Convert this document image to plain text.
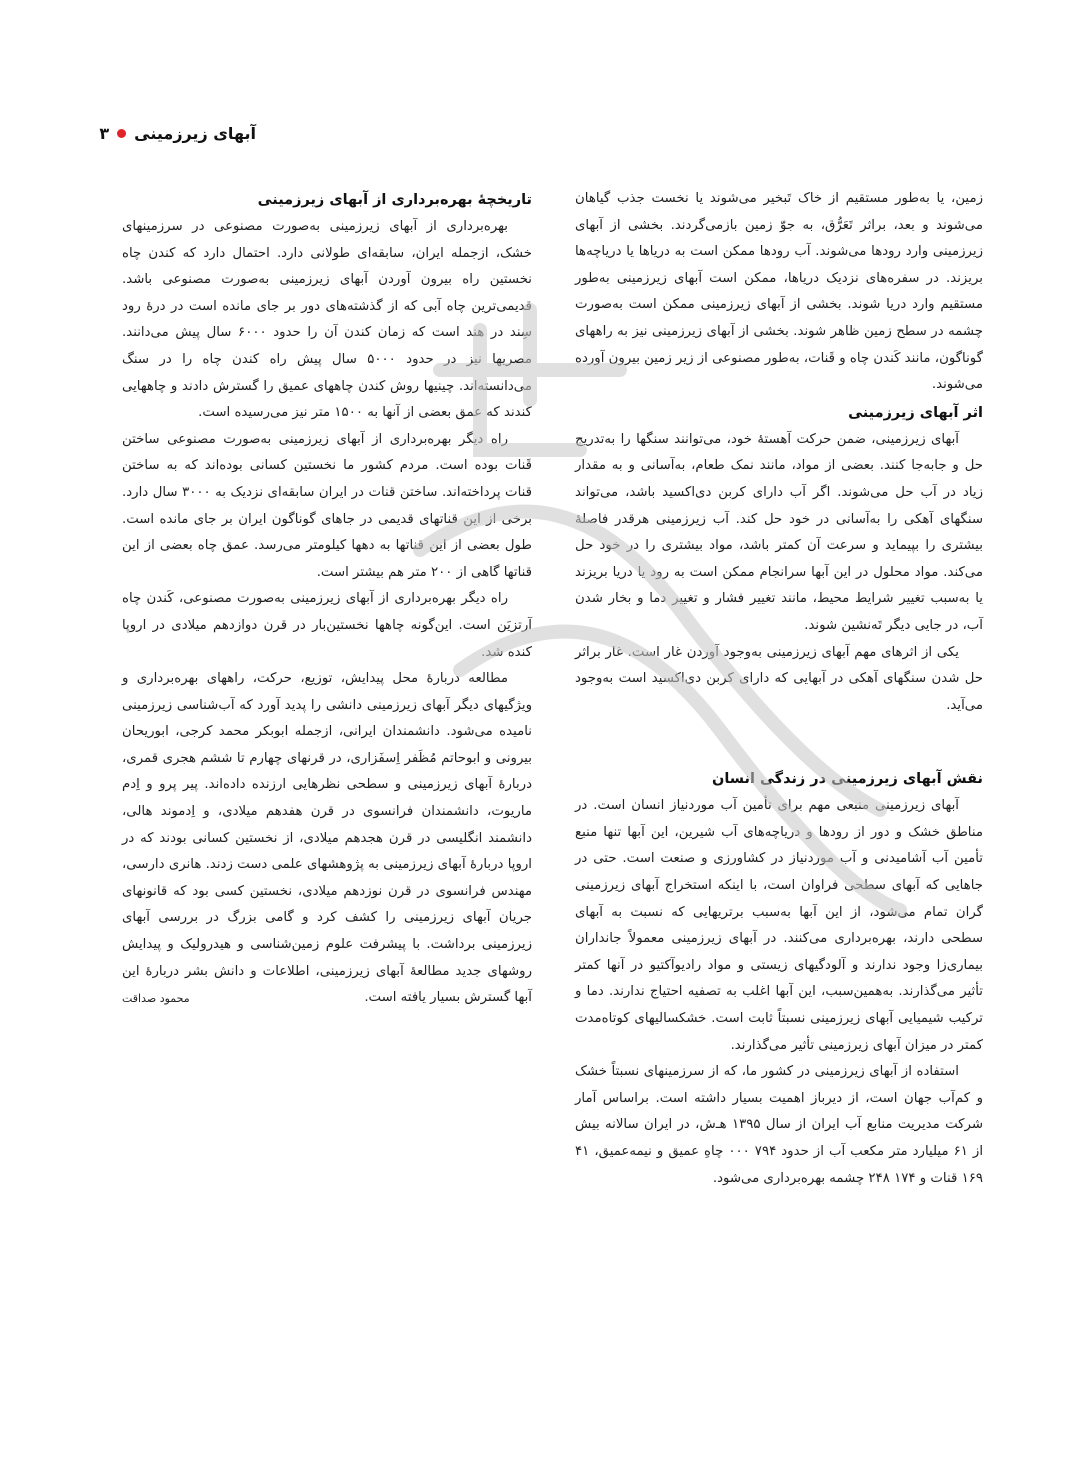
آبهای زیرزمینی
۳

زمین، یا به‌طور مستقیم از خاک تَبخیر می‌شوند یا نخست جذب گیاهان می‌شوند و بعد، براثر تَعَرُّق، به جوّ زمین بازمی‌گردند. بخشی از آبهای زیرزمینی وارد رودها می‌شوند. آب رودها ممکن است به دریاها یا دریاچه‌ها بریزند. در سفره‌های نزدیک دریاها، ممکن است آبهای زیرزمینی به‌طور مستقیم وارد دریا شوند. بخشی از آبهای زیرزمینی ممکن است به‌صورت چشمه در سطح زمین ظاهر شوند. بخشی از آبهای زیرزمینی نیز به راههای گوناگون، مانند کَندن چاه و قَنات، به‌طور مصنوعی از زیر زمین بیرون آورده می‌شوند.

اثر آبهای زیرزمینی

آبهای زیرزمینی، ضمن حرکت آهستهٔ خود، می‌توانند سنگها را به‌تدریج حل و جابه‌جا کنند. بعضی از مواد، مانند نمک طعام، به‌آسانی و به مقدار زیاد در آب حل می‌شوند. اگر آب دارای کربن دی‌اکسید باشد، می‌تواند سنگهای آهکی را به‌آسانی در خود حل کند. آب زیرزمینی هرقدر فاصلهٔ بیشتری را بپیماید و سرعت آن کمتر باشد، مواد بیشتری را در خود حل می‌کند. مواد محلول در این آبها سرانجام ممکن است به رود یا دریا بریزند یا به‌سبب تغییر شرایط محیط، مانند تغییر فشار و تغییر دما و بخار شدن آب، در جایی دیگر تَه‌نشین شوند.

یکی از اثرهای مهم آبهای زیرزمینی به‌وجود آوردن غار است. غار براثر حل شدن سنگهای آهکی در آبهایی که دارای کربن دی‌اکسید است به‌وجود می‌آید.

نقش آبهای زیرزمینی در زندگی انسان

آبهای زیرزمینی منبعی مهم برای تأمین آب موردنیاز انسان است. در مناطق خشک و دور از رودها و دریاچه‌های آب شیرین، این آبها تنها منبع تأمین آب آشامیدنی و آب موردنیاز در کشاورزی و صنعت است. حتی در جاهایی که آبهای سطحی فراوان است، با اینکه استخراج آبهای زیرزمینی گران تمام می‌شود، از این آبها به‌سبب برتریهایی که نسبت به آبهای سطحی دارند، بهره‌برداری می‌کنند. در آبهای زیرزمینی معمولاً جانداران بیماری‌زا وجود ندارند و آلودگیهای زیستی و مواد رادیوآکتیو در آنها کمتر تأثیر می‌گذارند. به‌همین‌سبب، این آبها اغلب به تصفیه احتیاج ندارند. دما و ترکیب شیمیایی آبهای زیرزمینی نسبتاً ثابت است. خشکسالیهای کوتاه‌مدت کمتر در میزان آبهای زیرزمینی تأثیر می‌گذارند.

استفاده از آبهای زیرزمینی در کشور ما، که از سرزمینهای نسبتاً خشک و کم‌آب جهان است، از دیرباز اهمیت بسیار داشته است. براساس آمار شرکت مدیریت منابع آب ایران از سال ۱۳۹۵ هـ‌ش، در ایران سالانه بیش از ۶۱ میلیارد متر مکعب آب از حدود ۷۹۴ ۰۰۰ چاهِ عمیق و نیمه‌عمیق، ۴۱ ۱۶۹ قنات و ۱۷۴ ۲۴۸ چشمه بهره‌برداری می‌شود.

تاریخچهٔ بهره‌برداری از آبهای زیرزمینی

بهره‌برداری از آبهای زیرزمینی به‌صورت مصنوعی در سرزمینهای خشک، ازجمله ایران، سابقه‌ای طولانی دارد. احتمال دارد که کندن چاه نخستین راه بیرون آوردن آبهای زیرزمینی به‌صورت مصنوعی باشد. قدیمی‌ترین چاه آبی که از گذشته‌های دور بر جای مانده است در درهٔ رود سِند در هند است که زمان کندن آن را حدود ۶۰۰۰ سال پیش می‌دانند. مصریها نیز در حدود ۵۰۰۰ سال پیش راه کندن چاه را در سنگ می‌دانسته‌اند. چینیها روش کندن چاههای عمیق را گسترش دادند و چاههایی کندند که عمق بعضی از آنها به ۱۵۰۰ متر نیز می‌رسیده است.

راه دیگر بهره‌برداری از آبهای زیرزمینی به‌صورت مصنوعی ساختن قَنات بوده است. مردم کشور ما نخستین کسانی بوده‌اند که به ساختن قنات پرداخته‌اند. ساختن قنات در ایران سابقه‌ای نزدیک به ۳۰۰۰ سال دارد. برخی از این قناتهای قدیمی در جاهای گوناگون ایران بر جای مانده است. طول بعضی از این قناتها به دهها کیلومتر می‌رسد. عمق چاه بعضی از این قناتها گاهی از ۲۰۰ متر هم بیشتر است.

راه دیگر بهره‌برداری از آبهای زیرزمینی به‌صورت مصنوعی، کَندن چاه آرتزیَن است. این‌گونه چاهها نخستین‌بار در قرن دوازدهم میلادی در اروپا کنده شد.

مطالعه دربارهٔ محل پیدایش، توزیع، حرکت، راههای بهره‌برداری و ویژگیهای دیگر آبهای زیرزمینی دانشی را پدید آورد که آب‌شناسی زیرزمینی نامیده می‌شود. دانشمندان ایرانی، ازجمله ابوبکر محمد کرجی، ابوریحان بیرونی و ابوحاتم مُظَفر اِسفَزاری، در قرنهای چهارم تا ششم هجری قمری، دربارهٔ آبهای زیرزمینی و سطحی نظرهایی ارزنده داده‌اند. پیر پرو و اِدم ماریوت، دانشمندان فرانسوی در قرن هفدهم میلادی، و اِدموند هالی، دانشمند انگلیسی در قرن هجدهم میلادی، از نخستین کسانی بودند که در اروپا دربارهٔ آبهای زیرزمینی به پژوهشهای علمی دست زدند. هانری دارسی، مهندس فرانسوی در قرن نوزدهم میلادی، نخستین کسی بود که قانونهای جریان آبهای زیرزمینی را کشف کرد و گامی بزرگ در بررسی آبهای زیرزمینی برداشت. با پیشرفت علوم زمین‌شناسی و هیدرولیک و پیدایش روشهای جدید مطالعهٔ آبهای زیرزمینی، اطلاعات و دانش بشر دربارهٔ این آبها گسترش بسیار یافته است.

محمود صداقت
